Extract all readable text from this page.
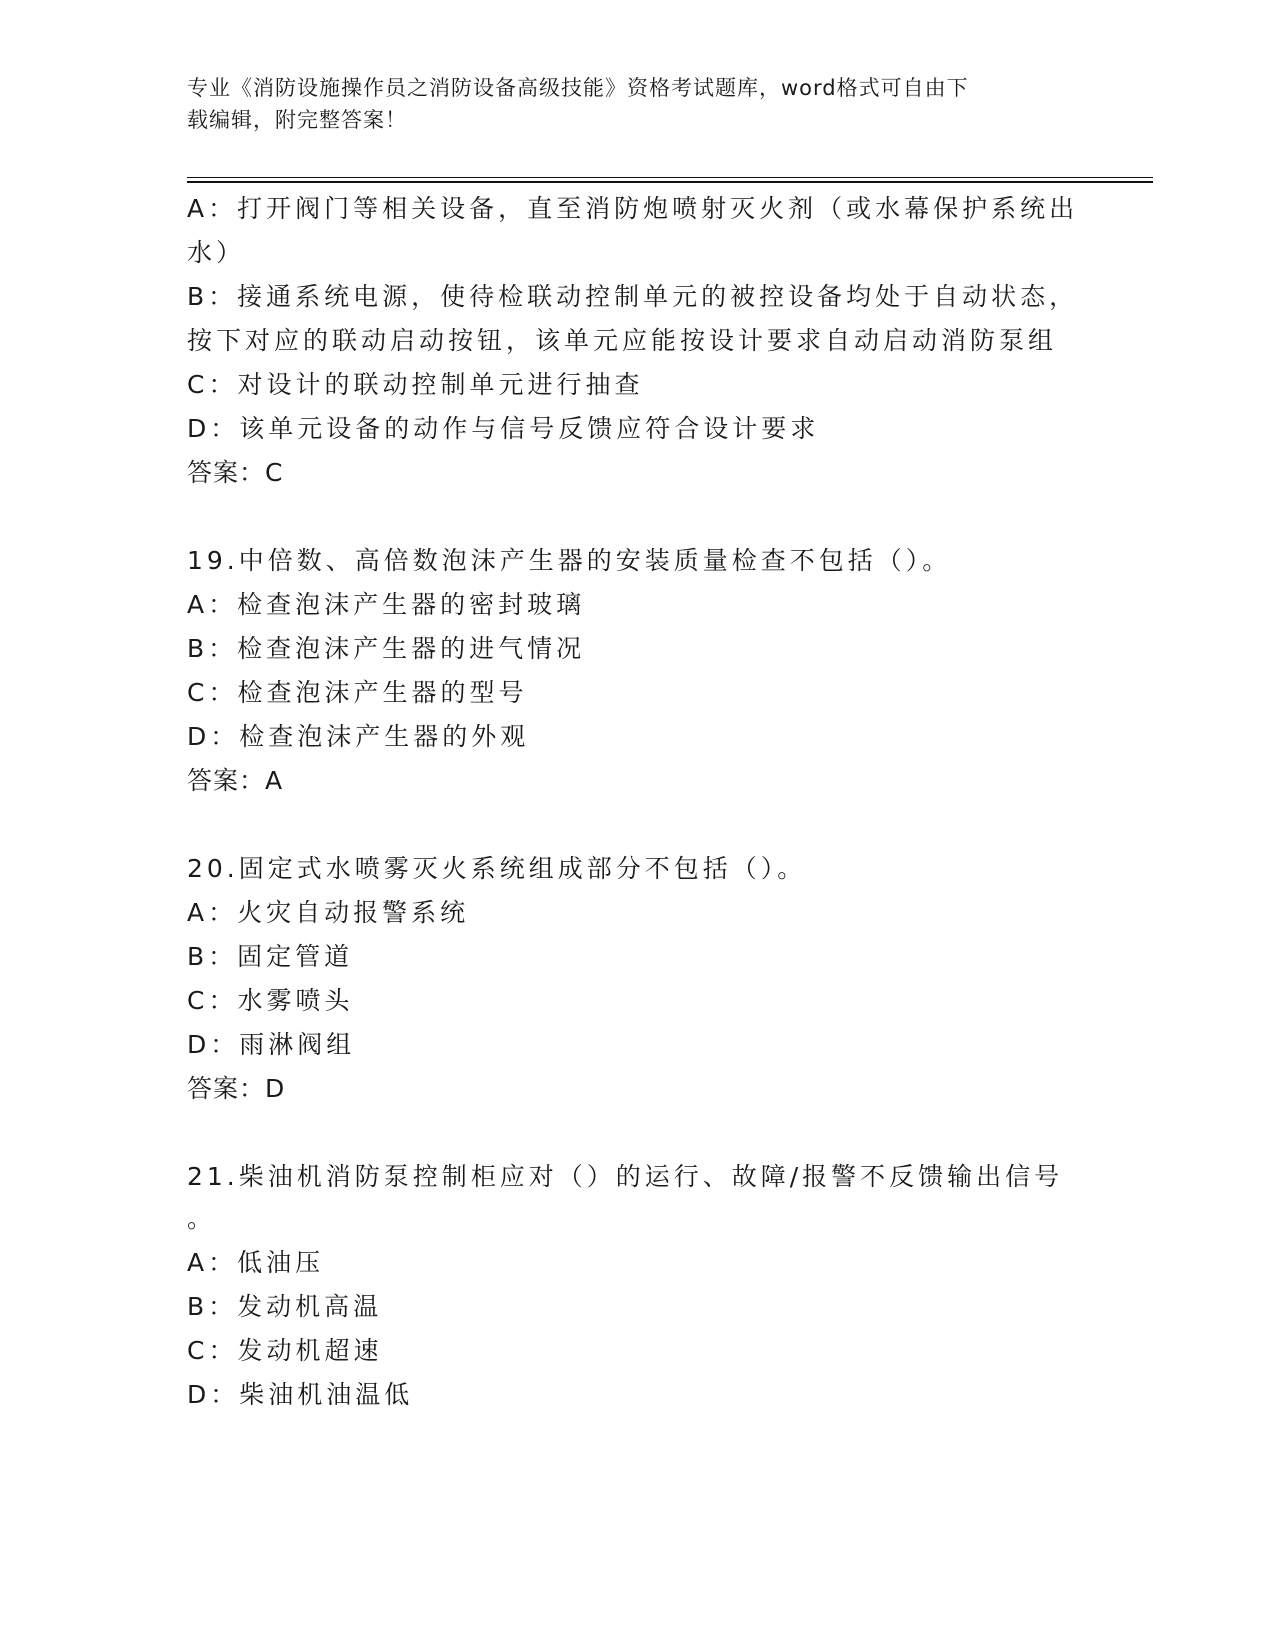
专业《消防设施操作员之消防设备高级技能》资格考试题库，word格式可自由下
载编辑，附完整答案！
A：打开阀门等相关设备，直至消防炮喷射灭火剂（或水幕保护系统出
水）
B：接通系统电源，使待检联动控制单元的被控设备均处于自动状态，
按下对应的联动启动按钮，该单元应能按设计要求自动启动消防泵组
C：对设计的联动控制单元进行抽查
D：该单元设备的动作与信号反馈应符合设计要求
答案：C
19.中倍数、高倍数泡沫产生器的安装质量检查不包括（）。
A：检查泡沫产生器的密封玻璃
B：检查泡沫产生器的进气情况
C：检查泡沫产生器的型号
D：检查泡沫产生器的外观
答案：A
20.固定式水喷雾灭火系统组成部分不包括（）。
A：火灾自动报警系统
B：固定管道
C：水雾喷头
D：雨淋阀组
答案：D
21.柴油机消防泵控制柜应对（）的运行、故障/报警不反馈输出信号
。
A：低油压
B：发动机高温
C：发动机超速
D：柴油机油温低
